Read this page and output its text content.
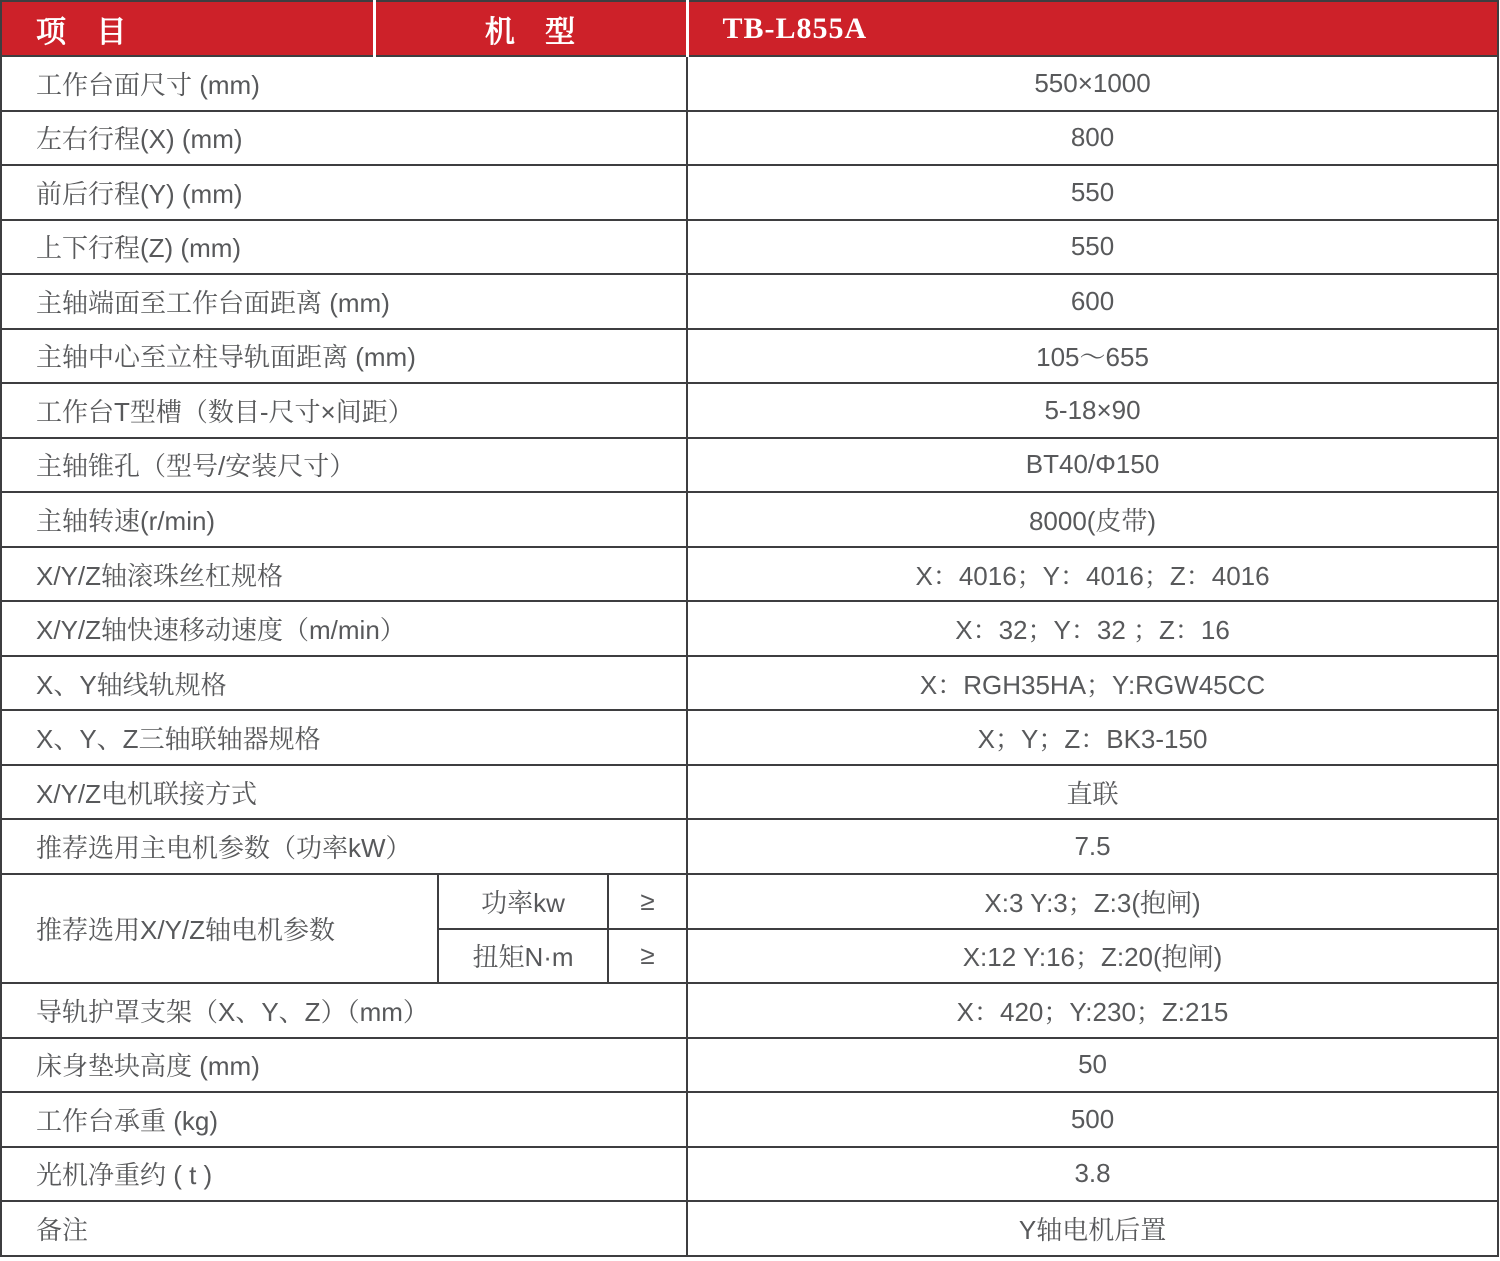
项 目	机 型			TB-L855A
工作台面尺寸 (mm)				550×1000
左右行程(X) (mm)				800
前后行程(Y) (mm)				550
上下行程(Z) (mm)				550
主轴端面至工作台面距离 (mm)				600
主轴中心至立柱导轨面距离 (mm)				105～655
工作台T型槽（数目-尺寸×间距）				5-18×90
主轴锥孔（型号/安装尺寸）				BT40/Φ150
主轴转速(r/min)				8000(皮带)
X/Y/Z轴滚珠丝杠规格				X：4016；Y：4016；Z：4016
X/Y/Z轴快速移动速度（m/min）				X：32；Y：32 ；Z：16
X、Y轴线轨规格				X：RGH35HA；Y:RGW45CC
X、Y、Z三轴联轴器规格				X；Y；Z：BK3-150
X/Y/Z电机联接方式				直联
推荐选用主电机参数（功率kW）				7.5
推荐选用X/Y/Z轴电机参数		功率kw	≥	X:3 Y:3；Z:3(抱闸)
		扭矩N·m	≥	X:12 Y:16；Z:20(抱闸)
导轨护罩支架（X、Y、Z）（mm）				X：420；Y:230；Z:215
床身垫块高度 (mm)				50
工作台承重 (kg)				500
光机净重约 ( t )				3.8
备注				Y轴电机后置
